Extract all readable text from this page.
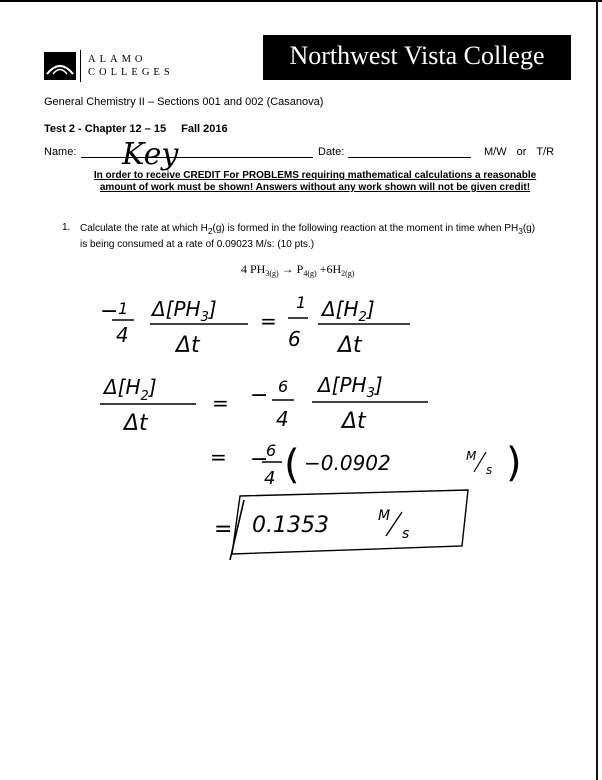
ALAMO
COLLEGES
Northwest Vista College
General Chemistry II – Sections 001 and 002 (Casanova)
Test 2 - Chapter 12 – 15 Fall 2016
Name:	Date:	M/W or T/R
In order to receive CREDIT For PROBLEMS requiring mathematical calculations a reasonable
amount of work must be shown! Answers without any work shown will not be given credit!
1. Calculate the rate at which $H_2(g)$ is formed in the following reaction at the moment in time when $PH_3(g)$
is being consumed at a rate of 0.09023 M/s: (10 pts.)
4 $PH_{3(g)} \to P_{4(g)} +6H_{2(g)}$
Key
− 1
4
$\Delta[PH_3]$
Δt
=
1
6
$\Delta[H_2]$
Δt
$\Delta[H_2]$
Δt
= − 6
4
$\Delta[PH_3]$
Δt
= −
6
4 ( −0.0902	M
s )
= 0.1353	M
s
